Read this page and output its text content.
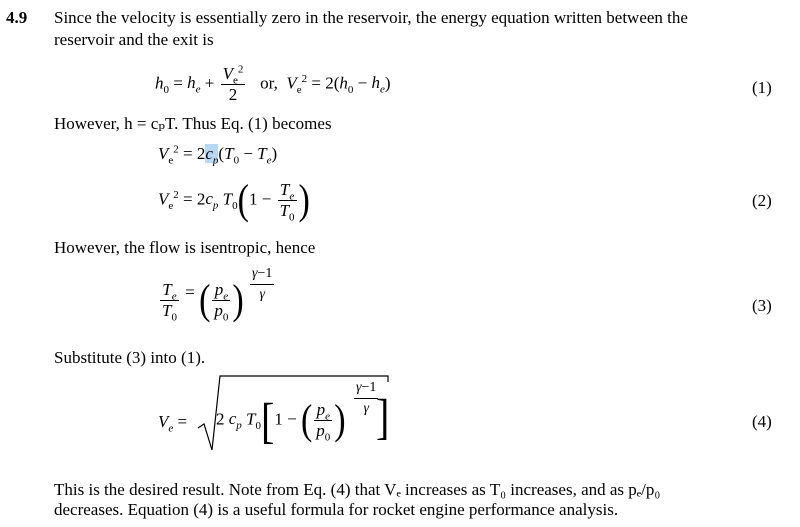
4.9 Since the velocity is essentially zero in the reservoir, the energy equation written between the
reservoir and the exit is
$h_0 = h_e + \frac{V_e^2}{2}$ or, $V_e^2 = 2(h_0 - h_e)$	(1)
However, h = cₚT. Thus Eq. (1) becomes
$V_e^2 = 2c_p(T_0 - T_e)$
$V_e^2 = 2c_p$ $T_0(1 - \frac{T_e}{T_0}$ )	(2)
However, the flow is isentropic, hence
$\frac{T_e}{T_0}$ = ( $\frac{p_e}{p_0}$ ) $\frac{\gamma-1}{\gamma}$
(3)
Substitute (3) into (1).
$V_e = 2$ $c_p$ $T_0[1$ − ( $\frac{p_e}{p_0}$ ) $\frac{\gamma-1}{\gamma}$
]	(4)
This is the desired result. Note from Eq. (4) that Vₑ increases as T₀ increases, and as pₑ/p₀
decreases. Equation (4) is a useful formula for rocket engine performance analysis.
